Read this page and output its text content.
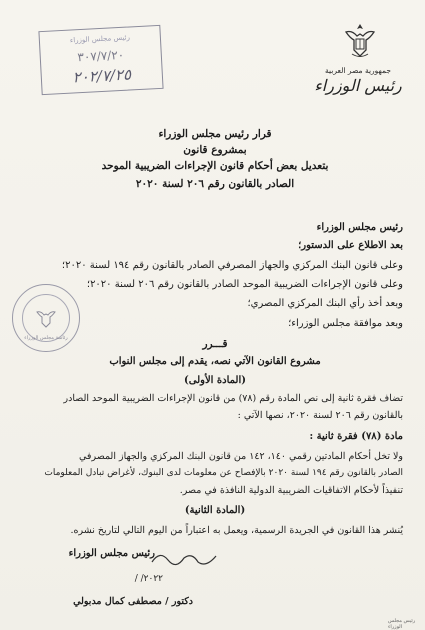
جمهورية مصر العربية
رئيس الوزراء
رئيس مجلس الوزراء
٣٠٧/٧/٢٠
٢٠٢/٧/٢٥
قرار رئيس مجلس الوزراء
بمشروع قانون
بتعديل بعض أحكام قانون الإجراءات الضريبية الموحد
الصادر بالقانون رقم ٢٠٦ لسنة ٢٠٢٠
رئيس مجلس الوزراء
بعد الاطلاع على الدستور؛
وعلى قانون البنك المركزي والجهاز المصرفي الصادر بالقانون رقم ١٩٤ لسنة ٢٠٢٠؛
وعلى قانون الإجراءات الضريبية الموحد الصادر بالقانون رقم ٢٠٦ لسنة ٢٠٢٠؛
وبعد أخذ رأي البنك المركزي المصري؛
وبعد موافقة مجلس الوزراء؛
قـــرر
مشروع القانون الآتي نصه، يقدم إلى مجلس النواب
(المادة الأولى)
تضاف فقرة ثانية إلى نص المادة رقم (٧٨) من قانون الإجراءات الضريبية الموحد الصادر
بالقانون رقم ٢٠٦ لسنة ٢٠٢٠، نصها الآتي :
مادة (٧٨) فقرة ثانية :
ولا تخل أحكام المادتين رقمي ١٤٠، ١٤٢ من قانون البنك المركزي والجهاز المصرفي
الصادر بالقانون رقم ١٩٤ لسنة ٢٠٢٠ بالإفصاح عن معلومات لدى البنوك، لأغراض تبادل المعلومات
تنفيذاً لأحكام الاتفاقيات الضريبية الدولية النافذة في مصر.
(المادة الثانية)
يُنشر هذا القانون في الجريدة الرسمية، ويعمل به اعتباراً من اليوم التالي لتاريخ نشره.
رئيس مجلس الوزراء
٢٠٢٢/ /
دكتور / مصطفى كمال مدبولي
رئاسة مجلس الوزراء
رئيس مجلس الوزراء
